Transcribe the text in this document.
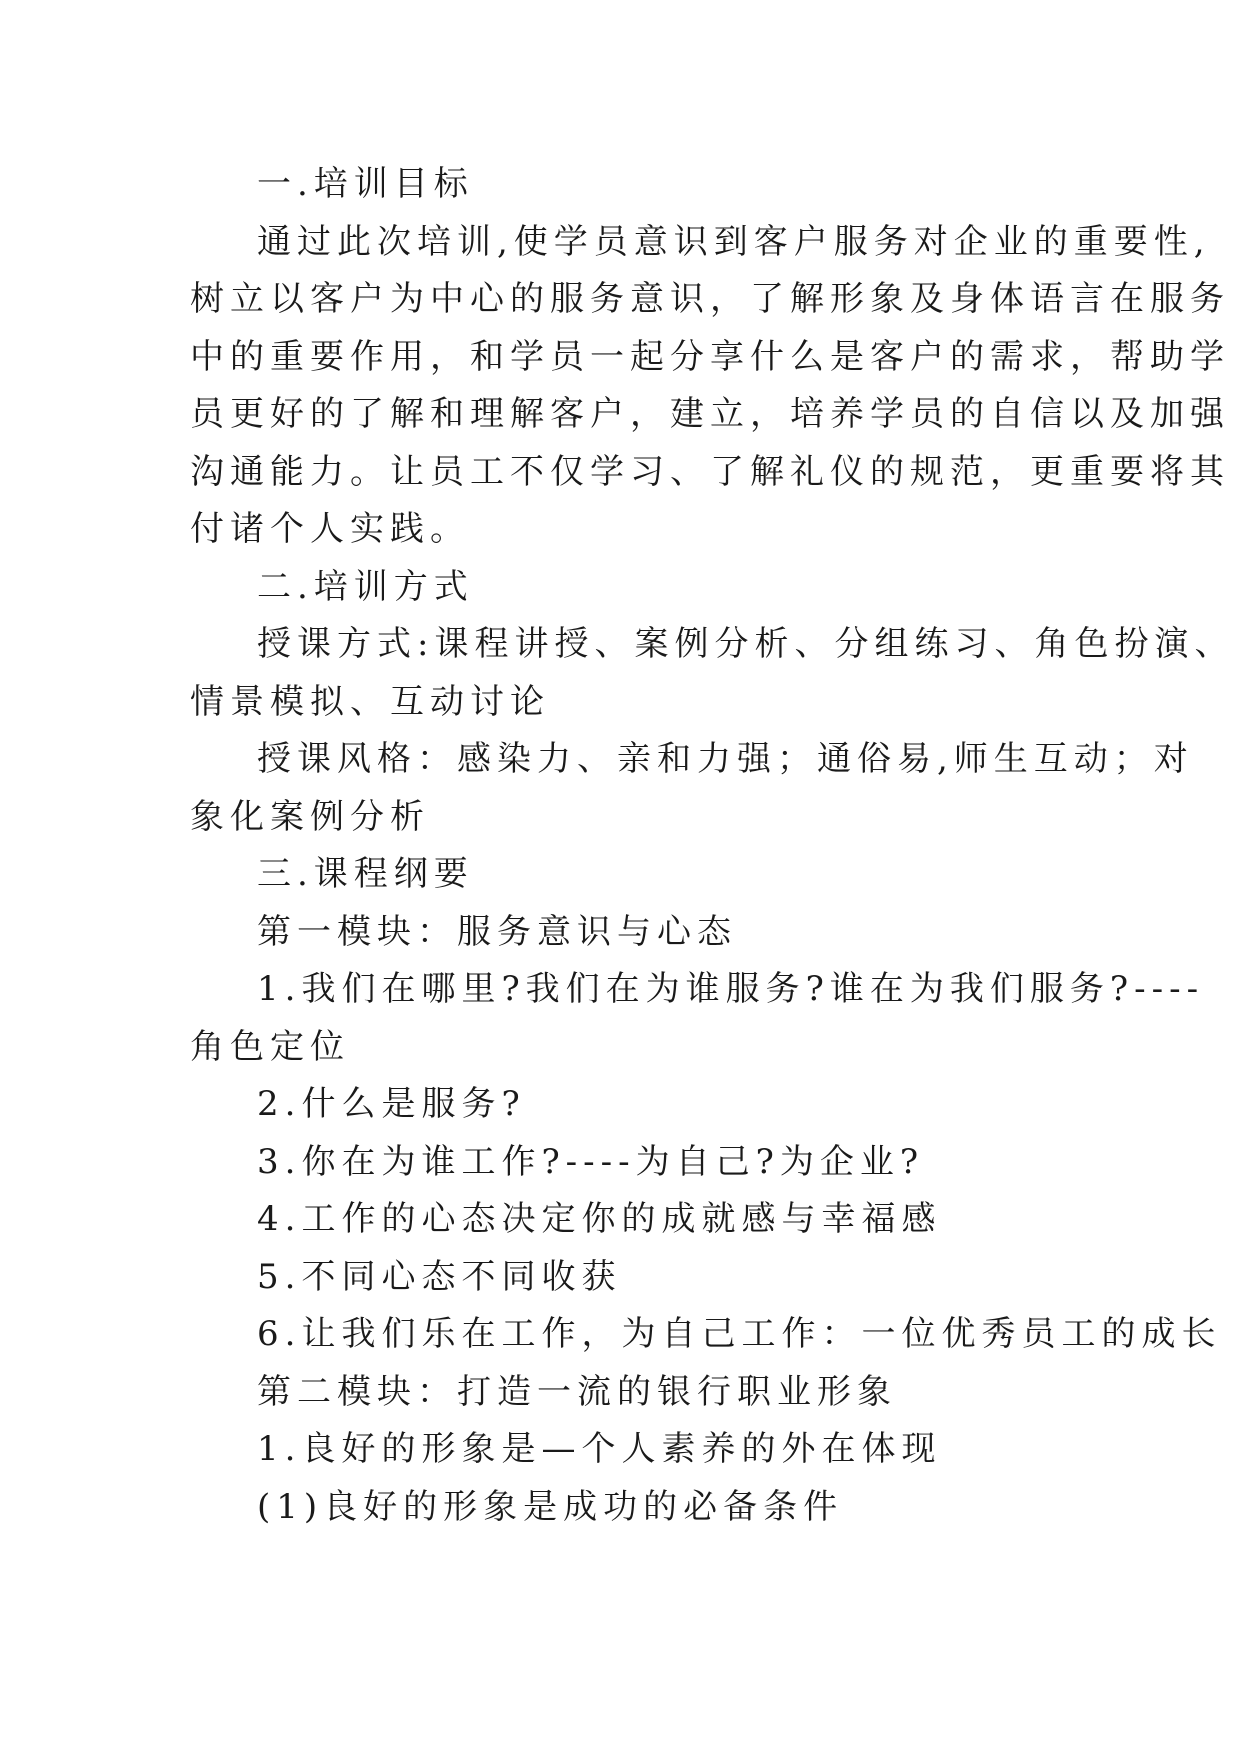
一.培训目标
通过此次培训,使学员意识到客户服务对企业的重要性,
树立以客户为中心的服务意识，了解形象及身体语言在服务
中的重要作用，和学员一起分享什么是客户的需求，帮助学
员更好的了解和理解客户，建立，培养学员的自信以及加强
沟通能力。让员工不仅学习、了解礼仪的规范，更重要将其
付诸个人实践。
二.培训方式
授课方式:课程讲授、案例分析、分组练习、角色扮演、
情景模拟、互动讨论
授课风格：感染力、亲和力强；通俗易,师生互动；对
象化案例分析
三.课程纲要
第一模块：服务意识与心态
1.我们在哪里?我们在为谁服务?谁在为我们服务?----
角色定位
2.什么是服务?
3.你在为谁工作?----为自己?为企业?
4.工作的心态决定你的成就感与幸福感
5.不同心态不同收获
6.让我们乐在工作，为自己工作：一位优秀员工的成长
第二模块：打造一流的银行职业形象
1.良好的形象是—个人素养的外在体现
(1)良好的形象是成功的必备条件
